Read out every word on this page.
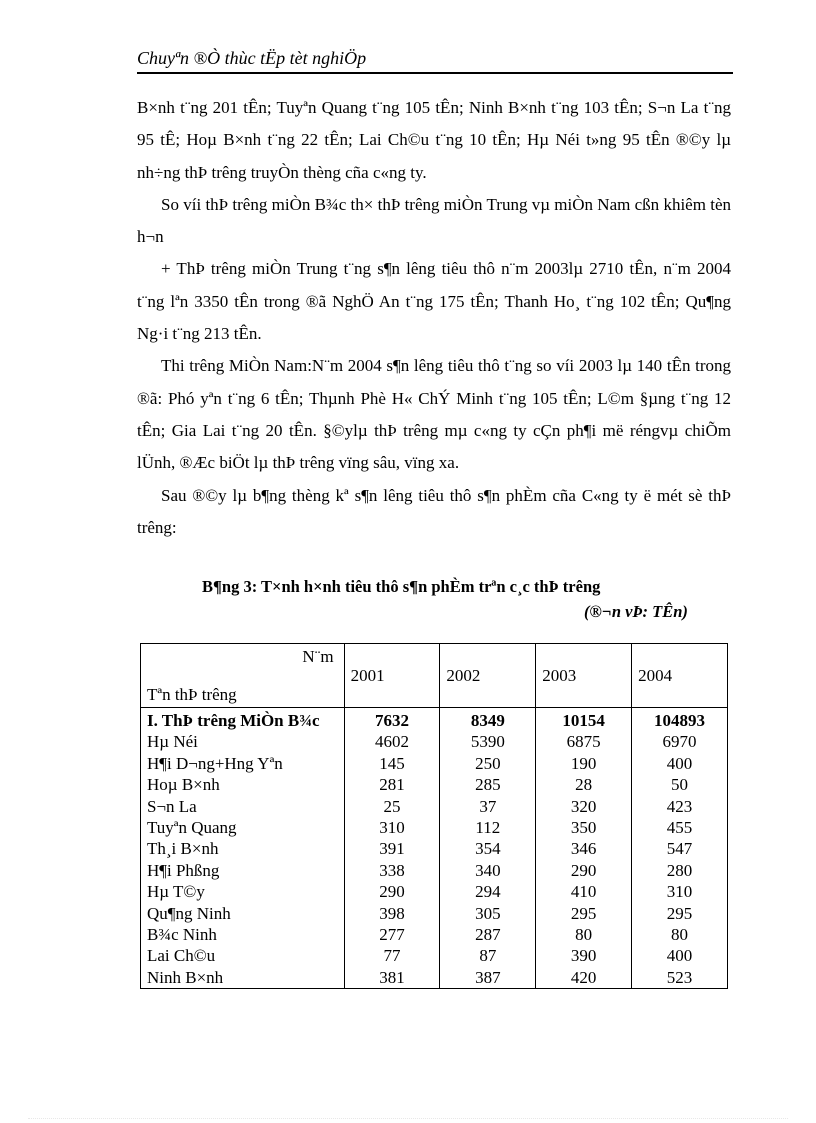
Chuyªn ®Ò thùc tËp tèt nghiÖp

B×nh t¨ng 201 tÊn; Tuyªn Quang t¨ng 105 tÊn; Ninh B×nh t¨ng 103 tÊn; S¬n La t¨ng 95 tÊ; Hoµ B×nh t¨ng 22 tÊn; Lai Ch©u t¨ng 10 tÊn; Hµ Néi t»ng 95 tÊn ®©y lµ nh÷ng thÞ trêng truyÒn thèng cña c«ng ty.

So víi thÞ trêng miÒn B¾c th× thÞ trêng miÒn Trung vµ miÒn Nam cßn khiêm tèn h¬n

+ ThÞ trêng miÒn Trung t¨ng s¶n lêng tiêu thô n¨m 2003lµ 2710 tÊn, n¨m 2004 t¨ng lªn 3350 tÊn trong ®ã NghÖ An t¨ng 175 tÊn; Thanh Ho¸ t¨ng 102 tÊn; Qu¶ng Ng·i t¨ng 213 tÊn.

Thi trêng MiÒn Nam:N¨m 2004 s¶n lêng tiêu thô t¨ng so víi 2003 lµ 140 tÊn trong ®ã: Phó yªn t¨ng 6 tÊn; Thµnh Phè H« ChÝ Minh t¨ng 105 tÊn; L©m §µng t¨ng 12 tÊn; Gia Lai t¨ng 20 tÊn. §©ylµ thÞ trêng mµ c«ng ty cÇn ph¶i më réngvµ chiÕm lÜnh, ®Æc biÖt lµ thÞ trêng vïng sâu, vïng xa.

Sau ®©y lµ b¶ng thèng kª s¶n lêng tiêu thô s¶n phÈm cña C«ng ty ë mét sè thÞ trêng:

B¶ng 3: T×nh h×nh tiêu thô s¶n phÈm trªn c¸c thÞ trêng
(®¬n vÞ: TÊn)
N¨m
Tªn thÞ trêng	2001	2002	2003	2004
I. ThÞ trêng MiÒn B¾c	7632	8349	10154	104893
Hµ Néi	4602	5390	6875	6970
H¶i D¬ng+Hng Yªn	145	250	190	400
Hoµ B×nh	281	285	28	50
S¬n La	25	37	320	423
Tuyªn Quang	310	112	350	455
Th¸i B×nh	391	354	346	547
H¶i Phßng	338	340	290	280
Hµ T©y	290	294	410	310
Qu¶ng Ninh	398	305	295	295
B¾c Ninh	277	287	80	80
Lai Ch©u	77	87	390	400
Ninh B×nh	381	387	420	523
